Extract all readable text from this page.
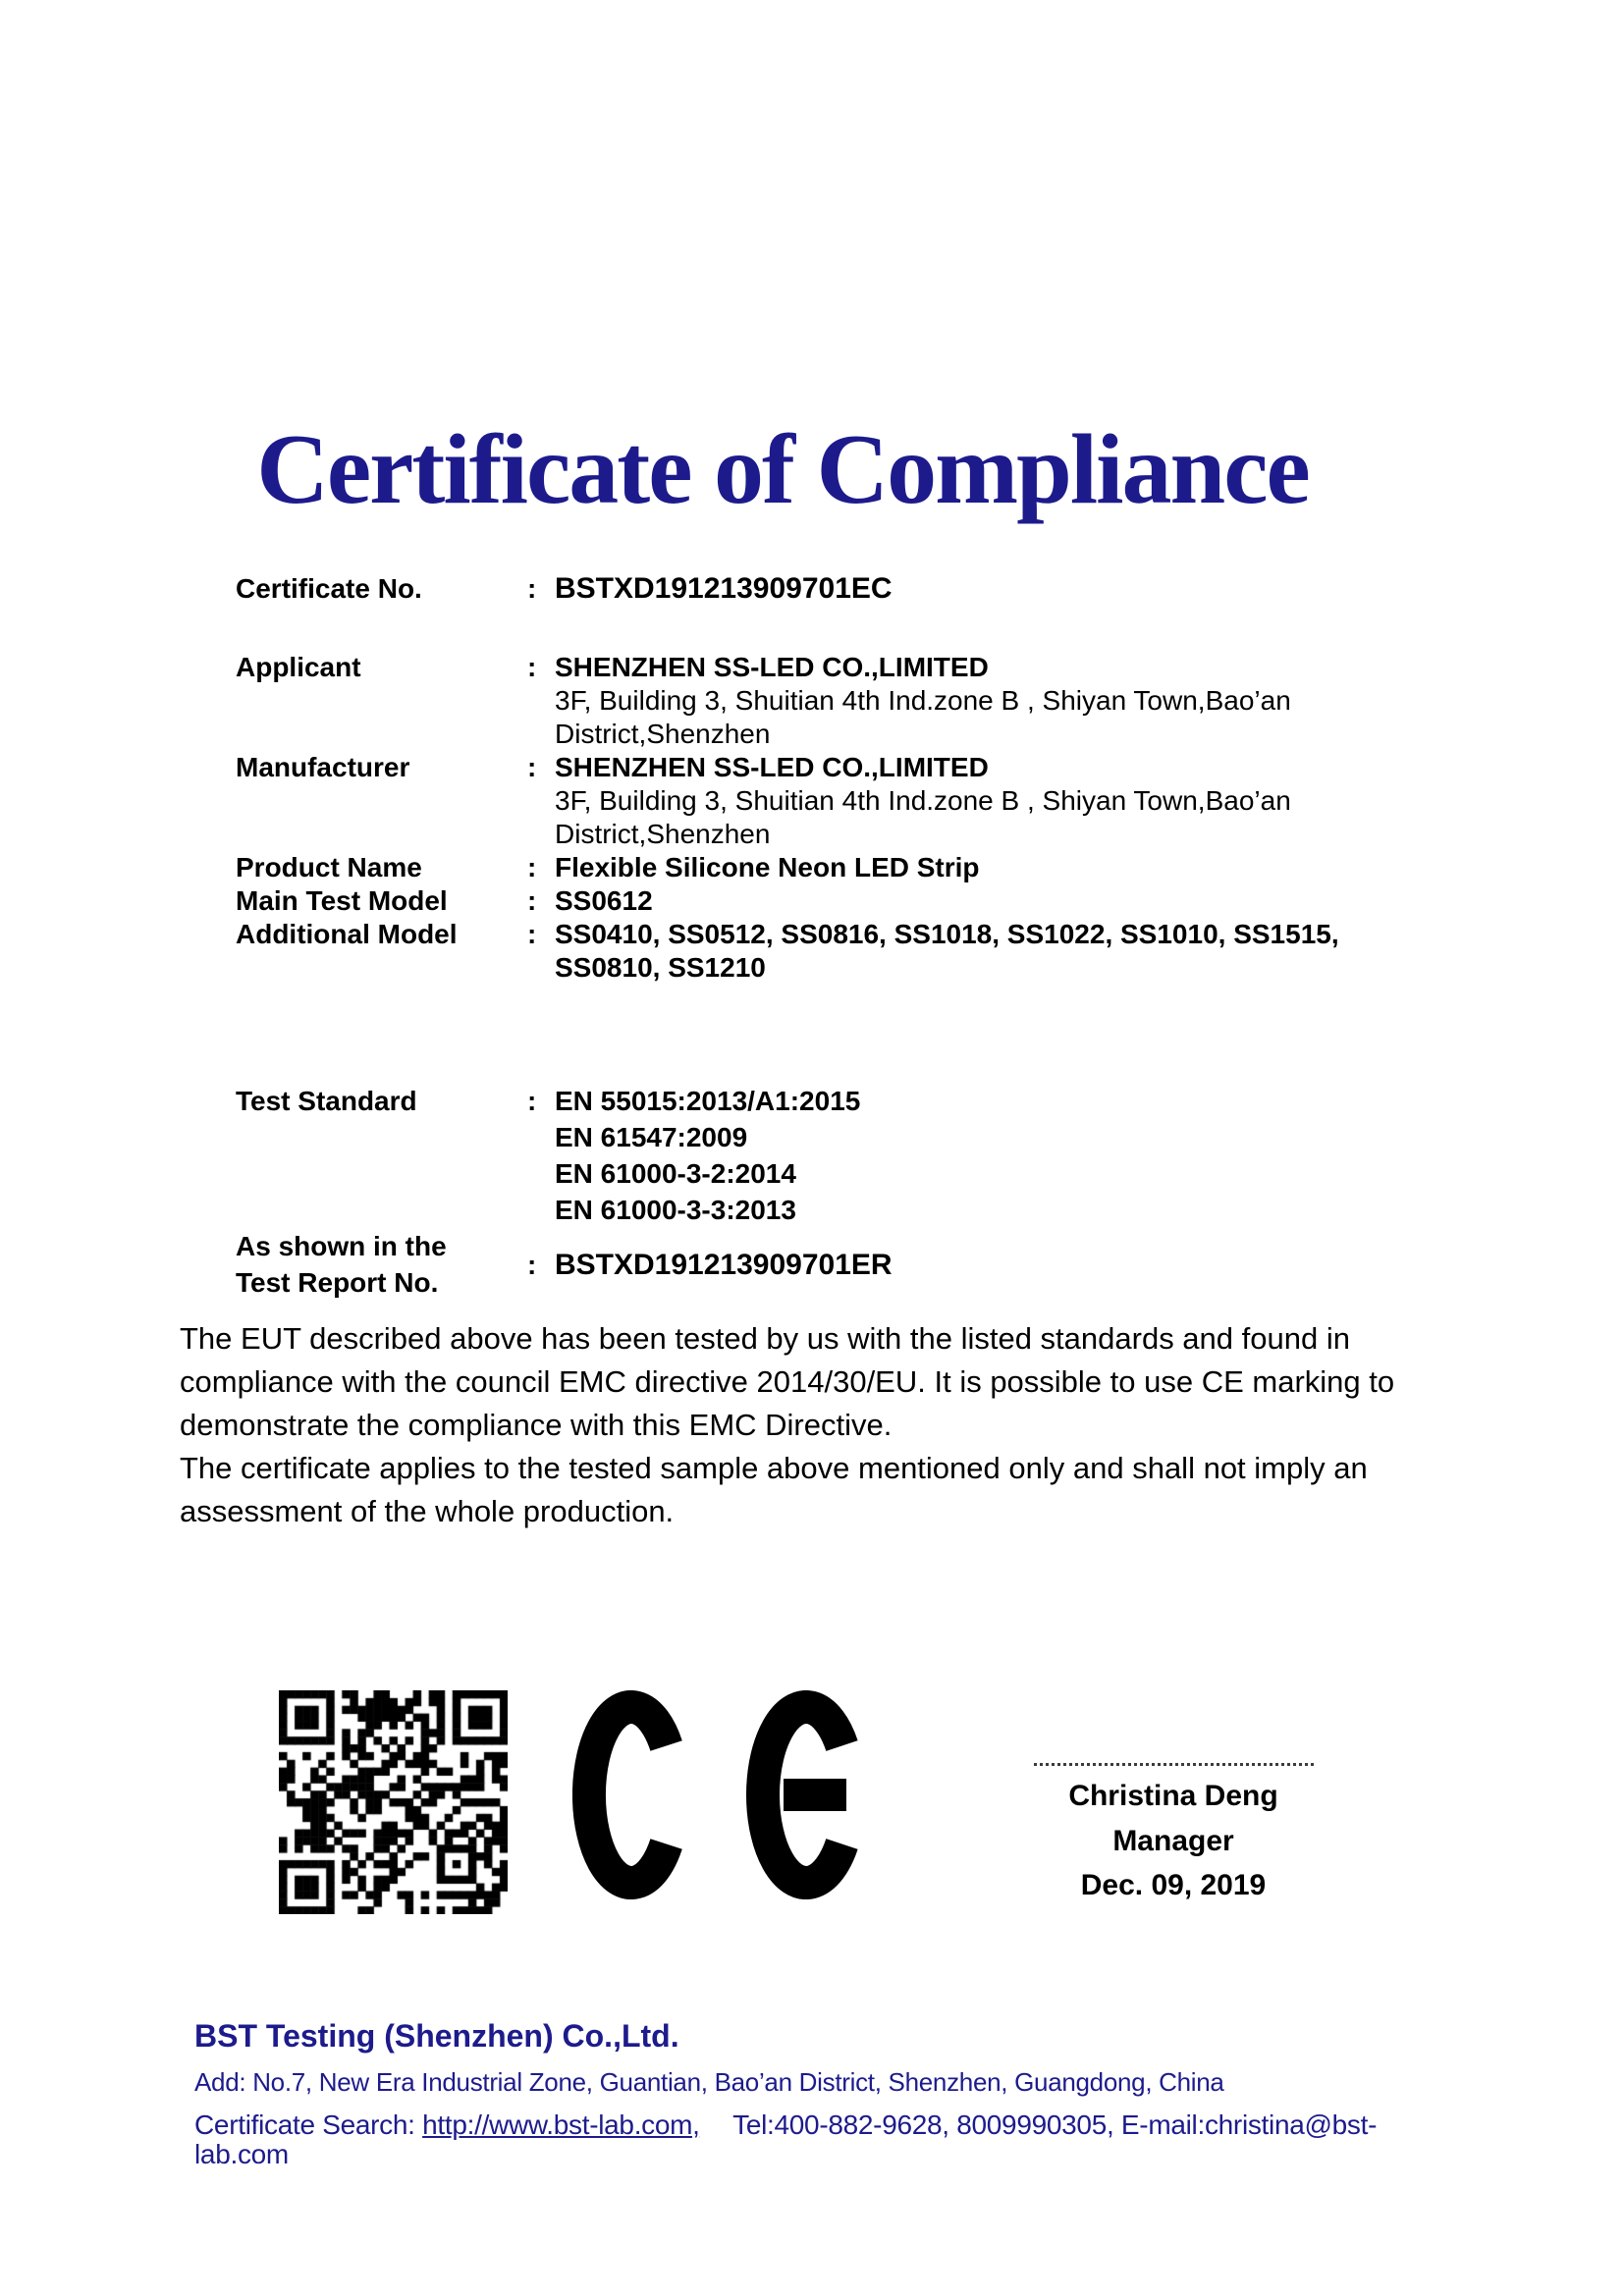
Certificate of Compliance
Certificate No.	: BSTXD191213909701EC
Applicant	: SHENZHEN SS-LED CO.,LIMITED
3F, Building 3, Shuitian 4th Ind.zone B , Shiyan Town,Bao’an
District,Shenzhen
Manufacturer	: SHENZHEN SS-LED CO.,LIMITED
3F, Building 3, Shuitian 4th Ind.zone B , Shiyan Town,Bao’an
District,Shenzhen
Product Name	: Flexible Silicone Neon LED Strip
Main Test Model	: SS0612
Additional Model	: SS0410, SS0512, SS0816, SS1018, SS1022, SS1010, SS1515,
SS0810, SS1210
Test Standard	: EN 55015:2013/A1:2015
EN 61547:2009
EN 61000-3-2:2014
EN 61000-3-3:2013
As shown in the
Test Report No.
: BSTXD191213909701ER

The EUT described above has been tested by us with the listed standards and found in compliance with the council EMC directive 2014/30/EU. It is possible to use CE marking to demonstrate the compliance with this EMC Directive.

The certificate applies to the tested sample above mentioned only and shall not imply an assessment of the whole production.

Christina Deng
Manager
Dec. 09, 2019
BST Testing (Shenzhen) Co.,Ltd.
Add: No.7, New Era Industrial Zone, Guantian, Bao’an District, Shenzhen, Guangdong, China
Certificate Search: http://www.bst-lab.com, Tel:400-882-9628, 8009990305, E-mail:christina@bst-lab.com
